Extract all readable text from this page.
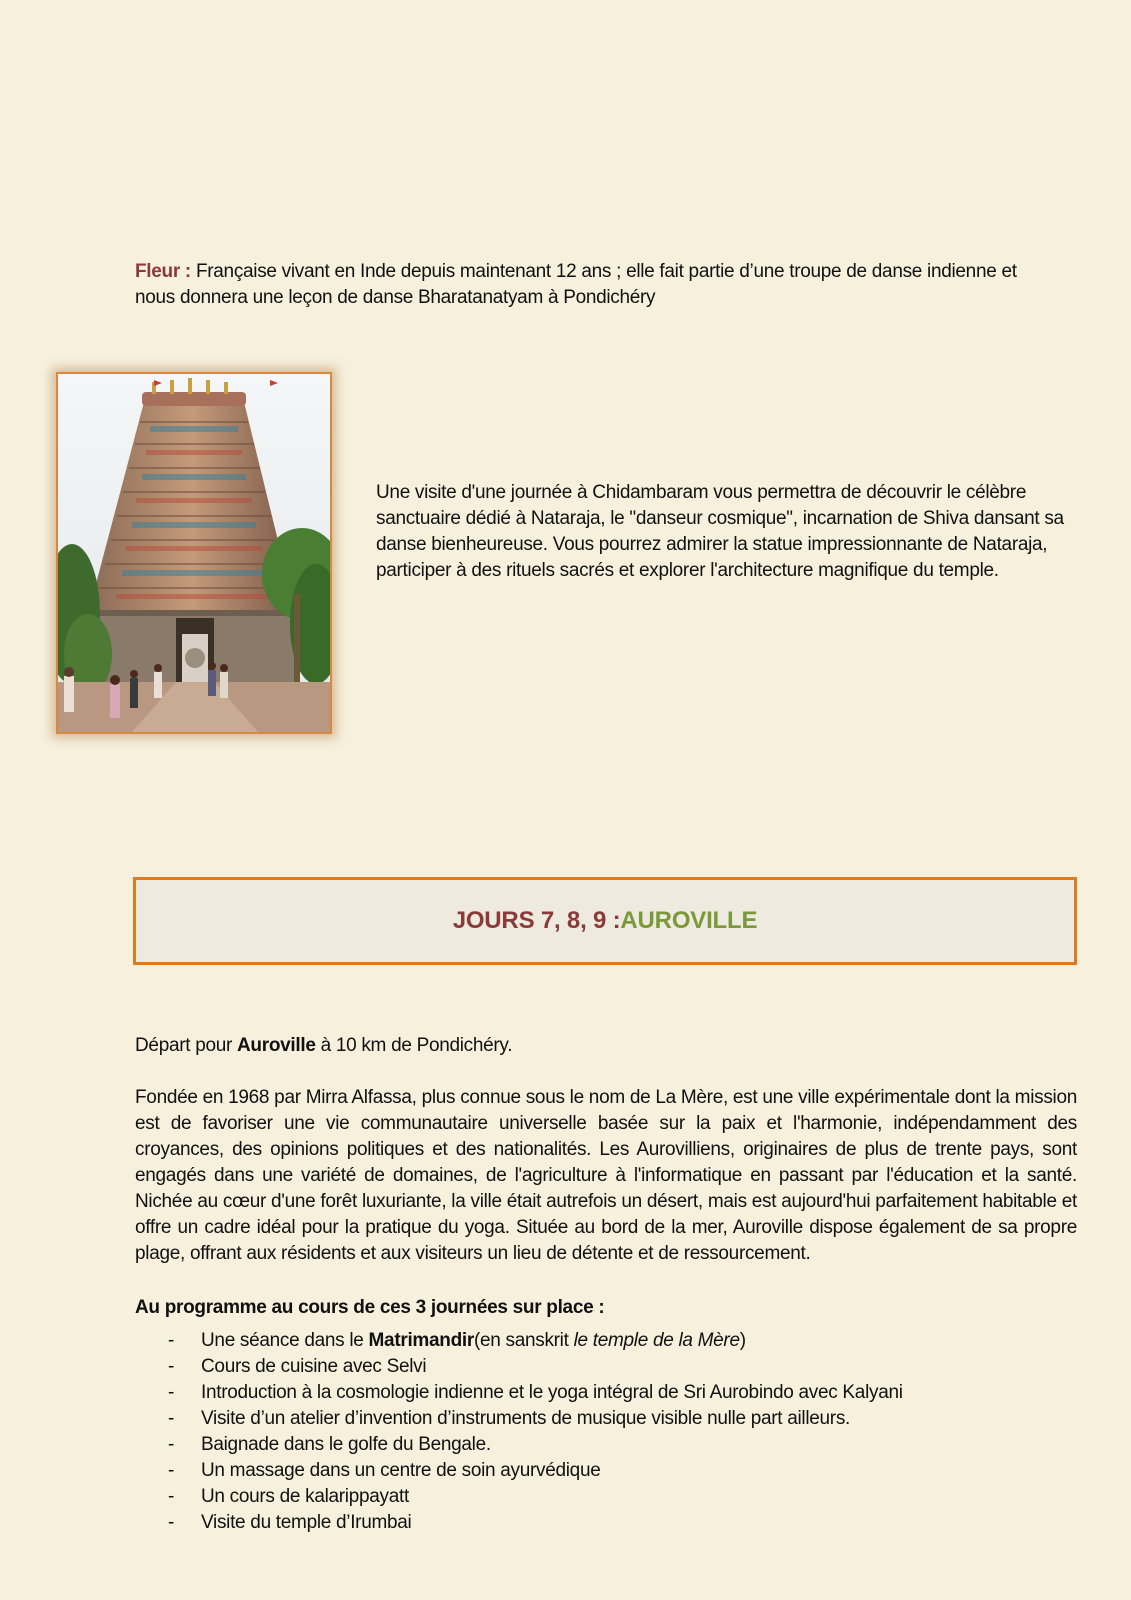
Fleur : Française vivant en Inde depuis maintenant 12 ans ; elle fait partie d’une troupe de danse indienne et nous donnera une leçon de danse Bharatanatyam à Pondichéry

Une visite d'une journée à Chidambaram vous permettra de découvrir le célèbre sanctuaire dédié à Nataraja, le "danseur cosmique", incarnation de Shiva dansant sa danse bienheureuse. Vous pourrez admirer la statue impressionnante de Nataraja, participer à des rituels sacrés et explorer l'architecture magnifique du temple.

JOURS 7, 8, 9 : AUROVILLE

Départ pour Auroville à 10 km de Pondichéry.

Fondée en 1968 par Mirra Alfassa, plus connue sous le nom de La Mère, est une ville expérimentale dont la mission est de favoriser une vie communautaire universelle basée sur la paix et l'harmonie, indépendamment des croyances, des opinions politiques et des nationalités. Les Aurovilliens, originaires de plus de trente pays, sont engagés dans une variété de domaines, de l'agriculture à l'informatique en passant par l'éducation et la santé. Nichée au cœur d'une forêt luxuriante, la ville était autrefois un désert, mais est aujourd'hui parfaitement habitable et offre un cadre idéal pour la pratique du yoga. Située au bord de la mer, Auroville dispose également de sa propre plage, offrant aux résidents et aux visiteurs un lieu de détente et de ressourcement.

Au programme au cours de ces 3 journées sur place :

- Une séance dans le Matrimandir(en sanskrit le temple de la Mère)
- Cours de cuisine avec Selvi
- Introduction à la cosmologie indienne et le yoga intégral de Sri Aurobindo avec Kalyani
- Visite d’un atelier d’invention d’instruments de musique visible nulle part ailleurs.
- Baignade dans le golfe du Bengale.
- Un massage dans un centre de soin ayurvédique
- Un cours de kalarippayatt
- Visite du temple d’Irumbai
